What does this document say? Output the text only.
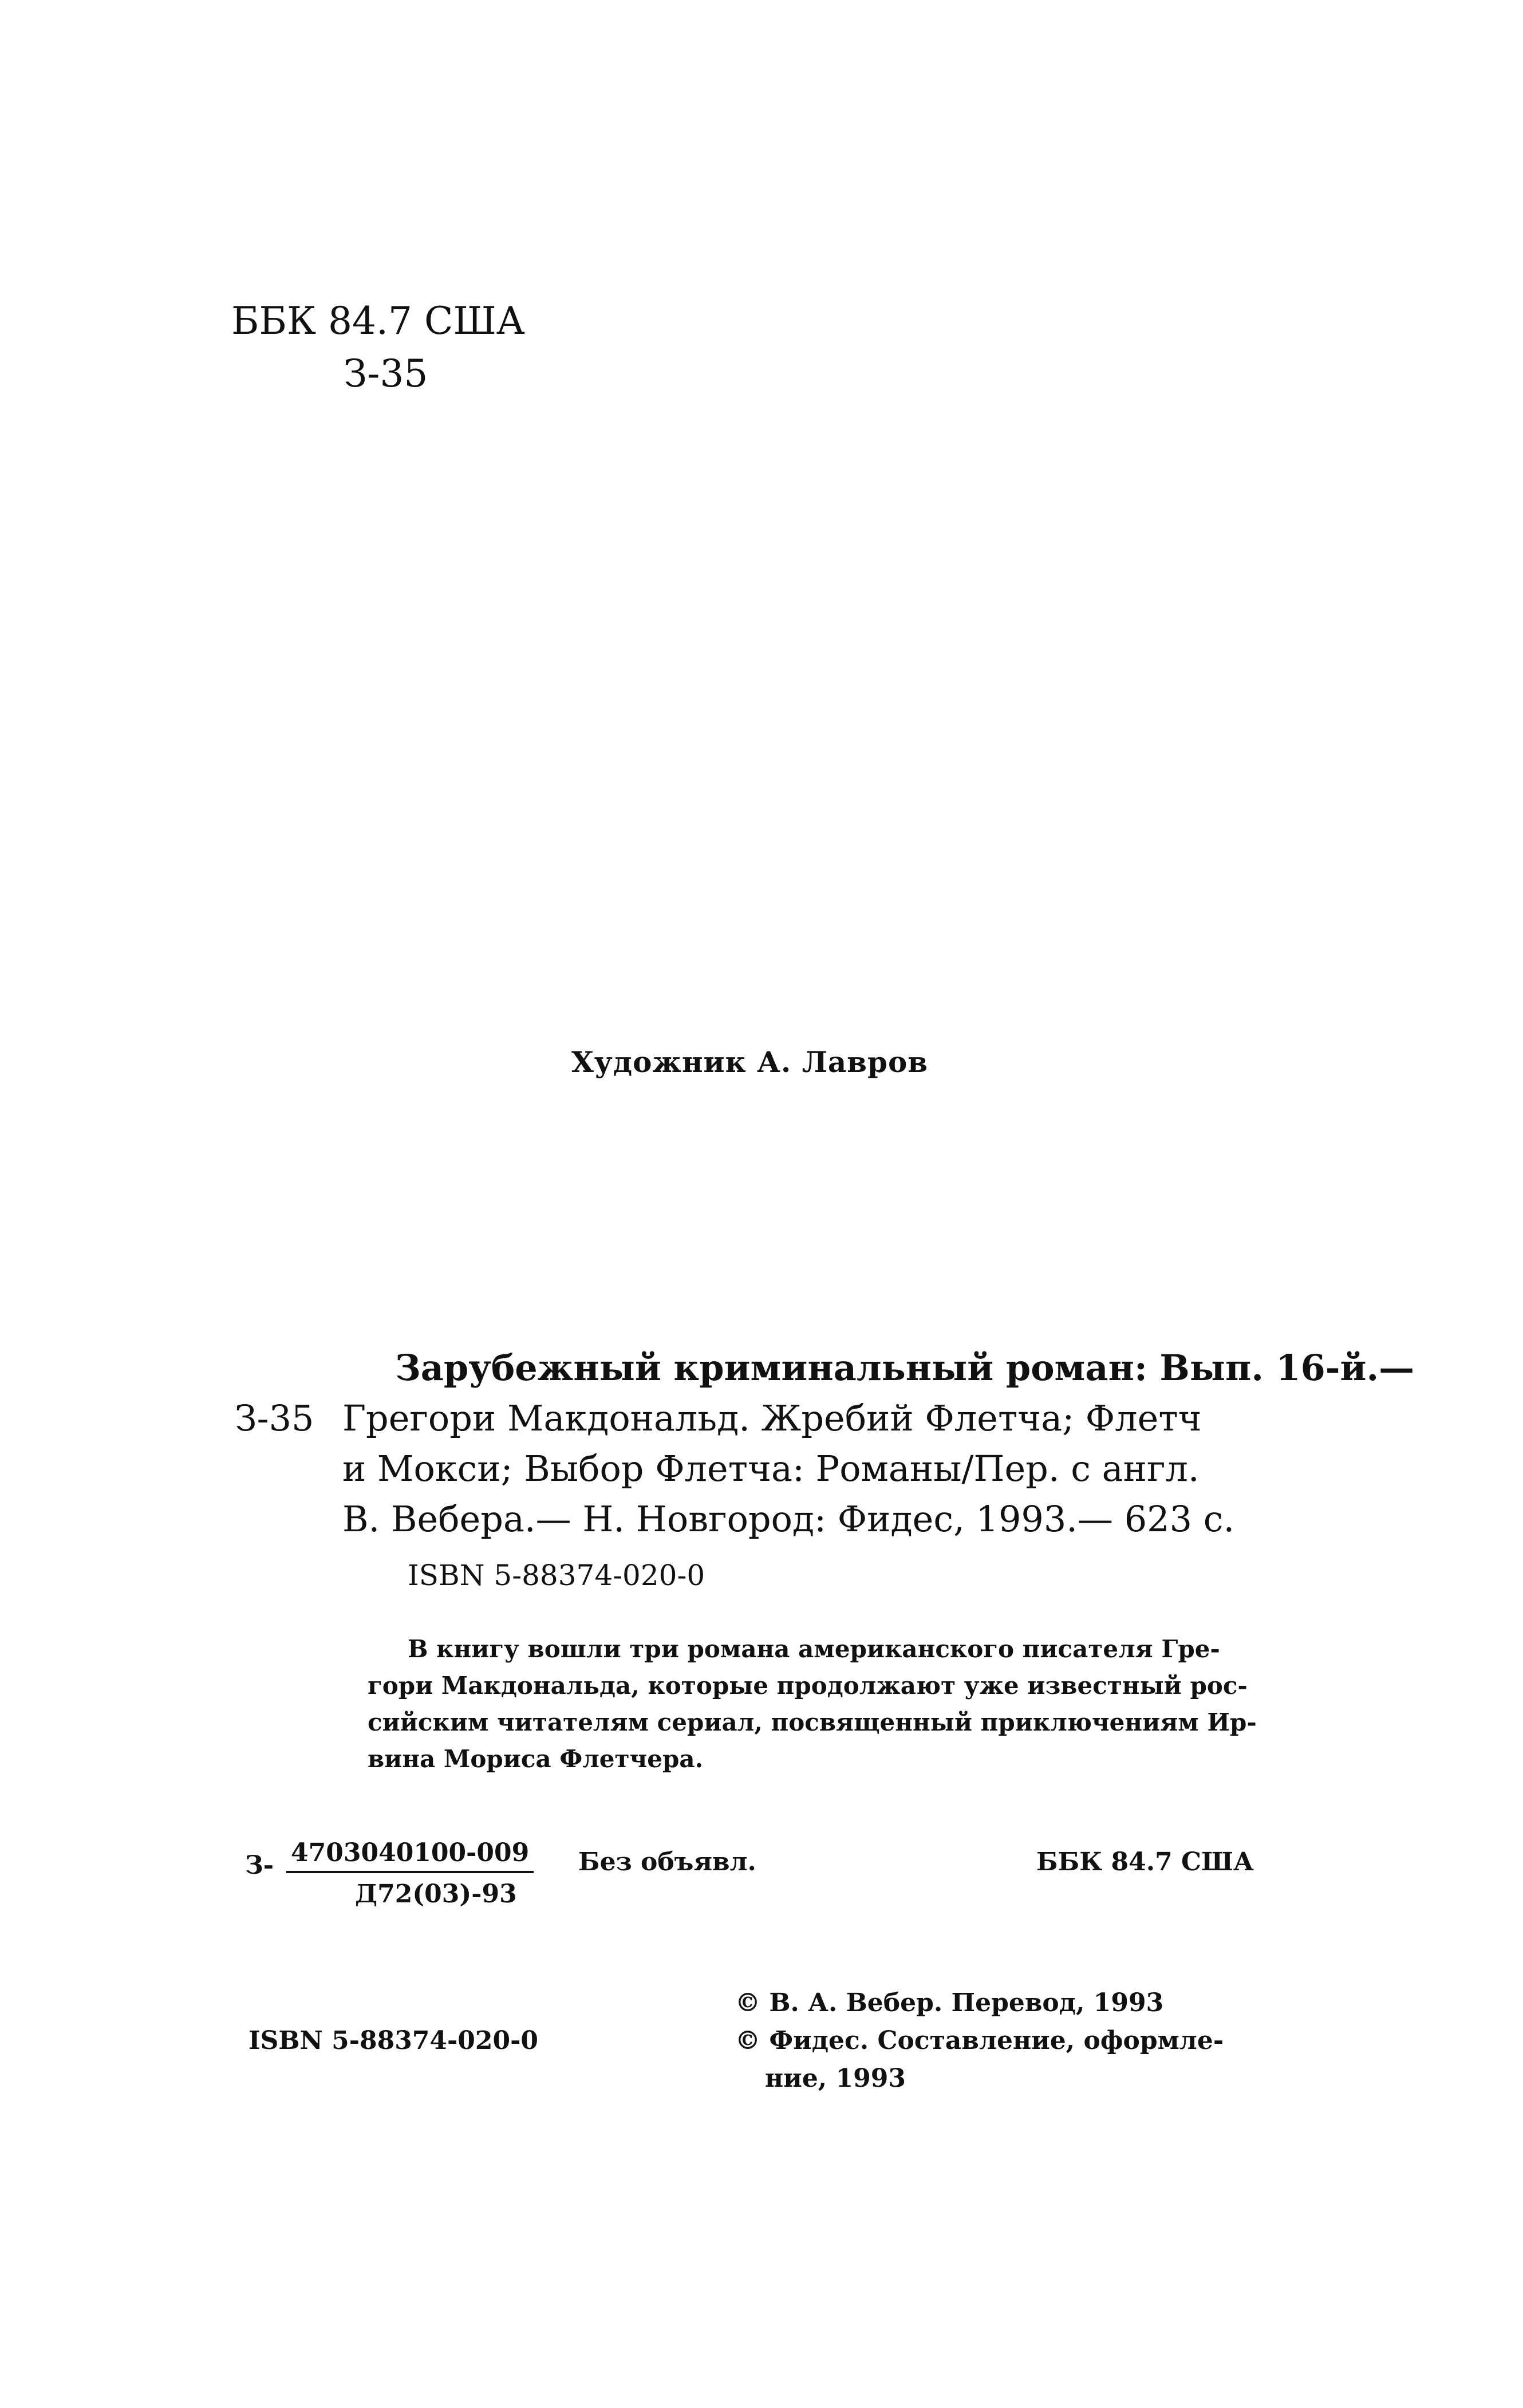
ББК 84.7 США
З-35
Художник А. Лавров
З-35
Зарубежный криминальный роман: Вып. 16-й.—
Грегори Макдональд. Жребий Флетча; Флетч
и Мокси; Выбор Флетча: Романы/Пер. с англ.
В. Вебера.— Н. Новгород: Фидес, 1993.— 623 с.
ISBN 5-88374-020-0
В книгу вошли три романа американского писателя Гре-
гори Макдональда, которые продолжают уже известный рос-
сийским читателям сериал, посвященный приключениям Ир-
вина Мориса Флетчера.
З- 4703040100-009
Д72(03)-93
Без объявл.	ББК 84.7 США
ISBN 5-88374-020-0
© В. А. Вебер. Перевод, 1993
© Фидес. Составление, оформле-
ние, 1993
